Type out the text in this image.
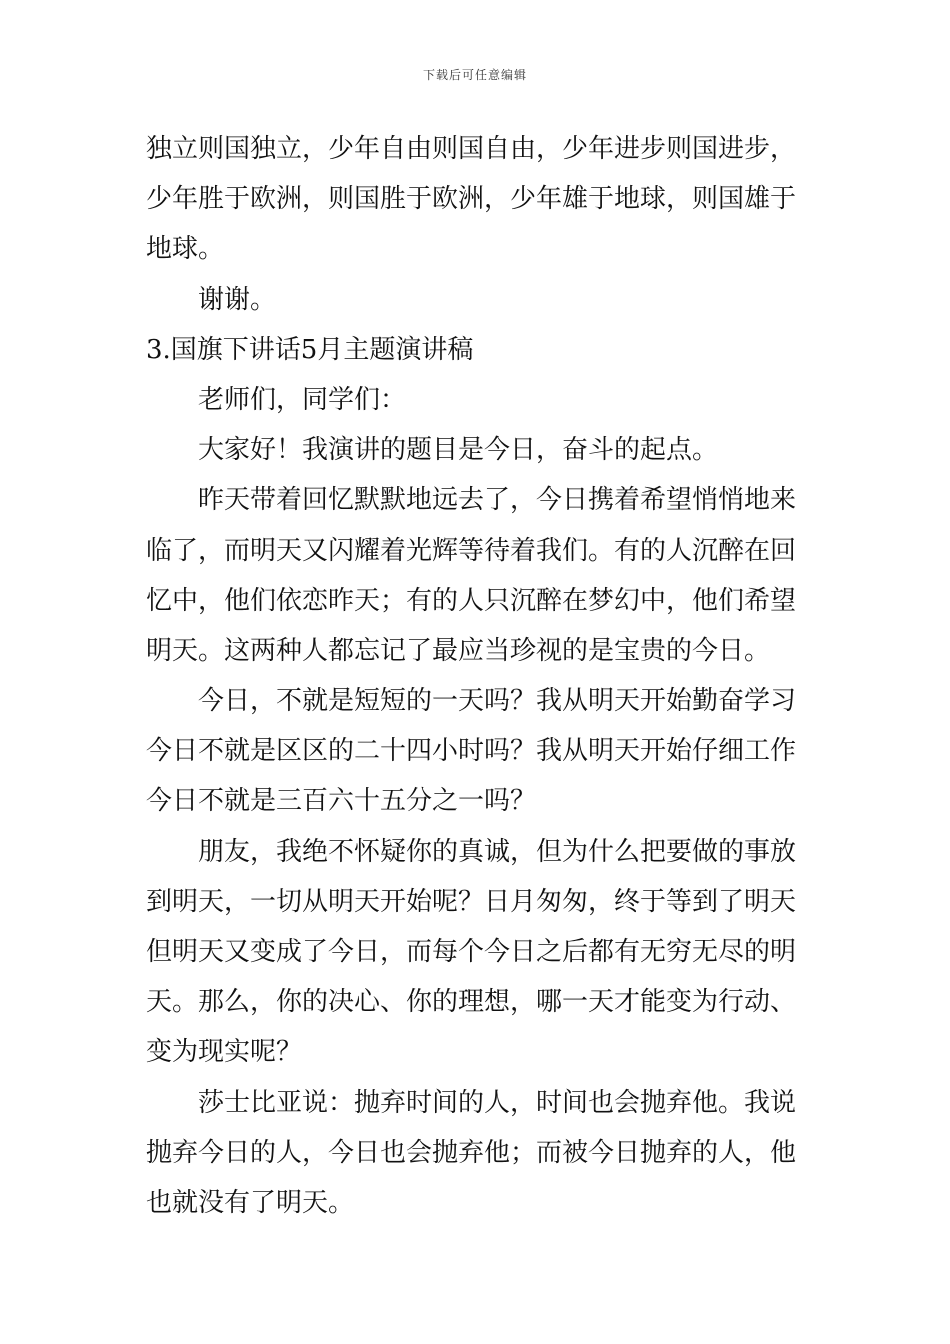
下载后可任意编辑
独立则国独立，少年自由则国自由，少年进步则国进步，
少年胜于欧洲，则国胜于欧洲，少年雄于地球，则国雄于
地球。
谢谢。
3.国旗下讲话5月主题演讲稿
老师们，同学们：
大家好！我演讲的题目是今日，奋斗的起点。
昨天带着回忆默默地远去了，今日携着希望悄悄地来
临了，而明天又闪耀着光辉等待着我们。有的人沉醉在回
忆中，他们依恋昨天；有的人只沉醉在梦幻中，他们希望
明天。这两种人都忘记了最应当珍视的是宝贵的今日。
今日，不就是短短的一天吗？我从明天开始勤奋学习
今日不就是区区的二十四小时吗？我从明天开始仔细工作
今日不就是三百六十五分之一吗？
朋友，我绝不怀疑你的真诚，但为什么把要做的事放
到明天，一切从明天开始呢？日月匆匆，终于等到了明天
但明天又变成了今日，而每个今日之后都有无穷无尽的明
天。那么，你的决心、你的理想，哪一天才能变为行动、
变为现实呢？
莎士比亚说：抛弃时间的人，时间也会抛弃他。我说
抛弃今日的人，今日也会抛弃他；而被今日抛弃的人，他
也就没有了明天。
